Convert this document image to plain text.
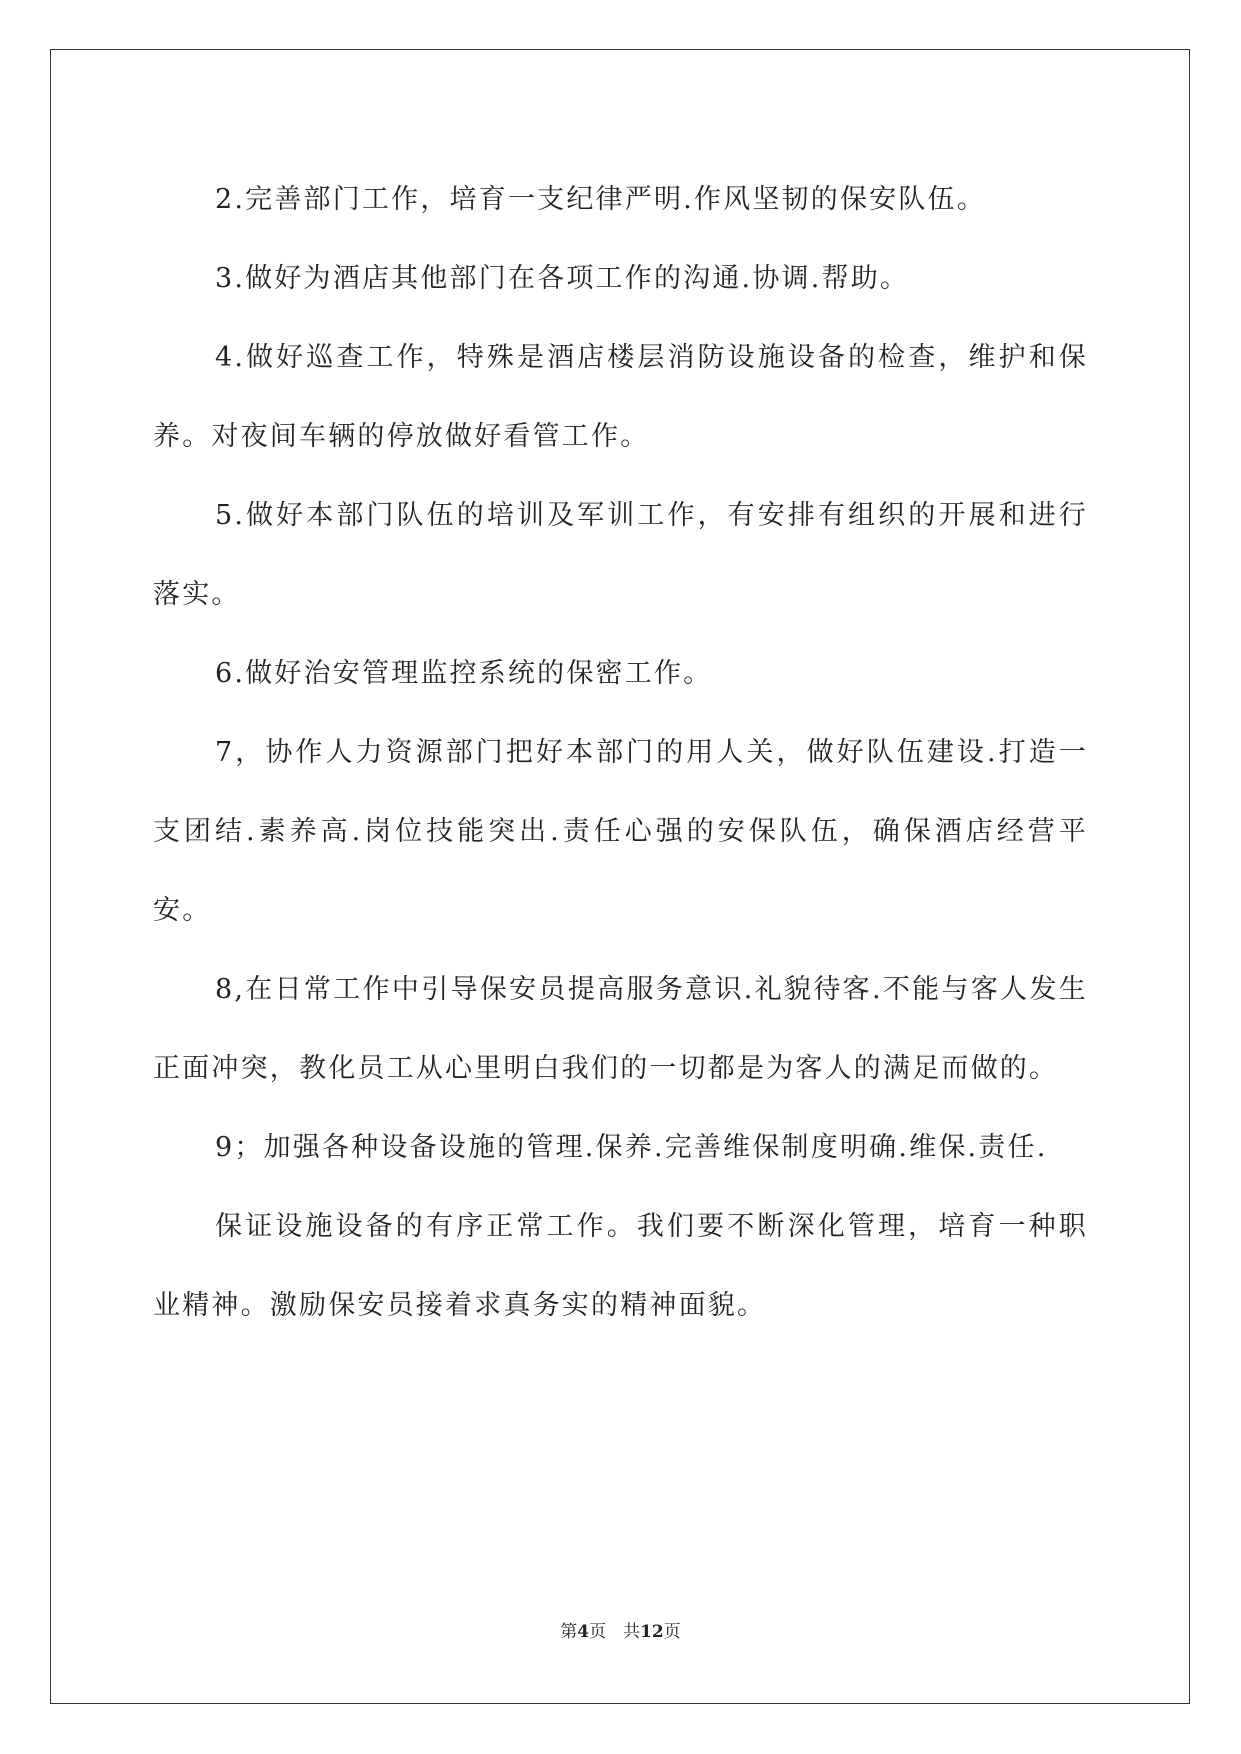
2.完善部门工作，培育一支纪律严明.作风坚韧的保安队伍。

3.做好为酒店其他部门在各项工作的沟通.协调.帮助。

4.做好巡查工作，特殊是酒店楼层消防设施设备的检查，维护和保养。对夜间车辆的停放做好看管工作。

5.做好本部门队伍的培训及军训工作，有安排有组织的开展和进行落实。

6.做好治安管理监控系统的保密工作。

7，协作人力资源部门把好本部门的用人关，做好队伍建设.打造一支团结.素养高.岗位技能突出.责任心强的安保队伍，确保酒店经营平安。

8,在日常工作中引导保安员提高服务意识.礼貌待客.不能与客人发生正面冲突，教化员工从心里明白我们的一切都是为客人的满足而做的。

9；加强各种设备设施的管理.保养.完善维保制度明确.维保.责任.

保证设施设备的有序正常工作。我们要不断深化管理，培育一种职业精神。激励保安员接着求真务实的精神面貌。

第4页　共12页
